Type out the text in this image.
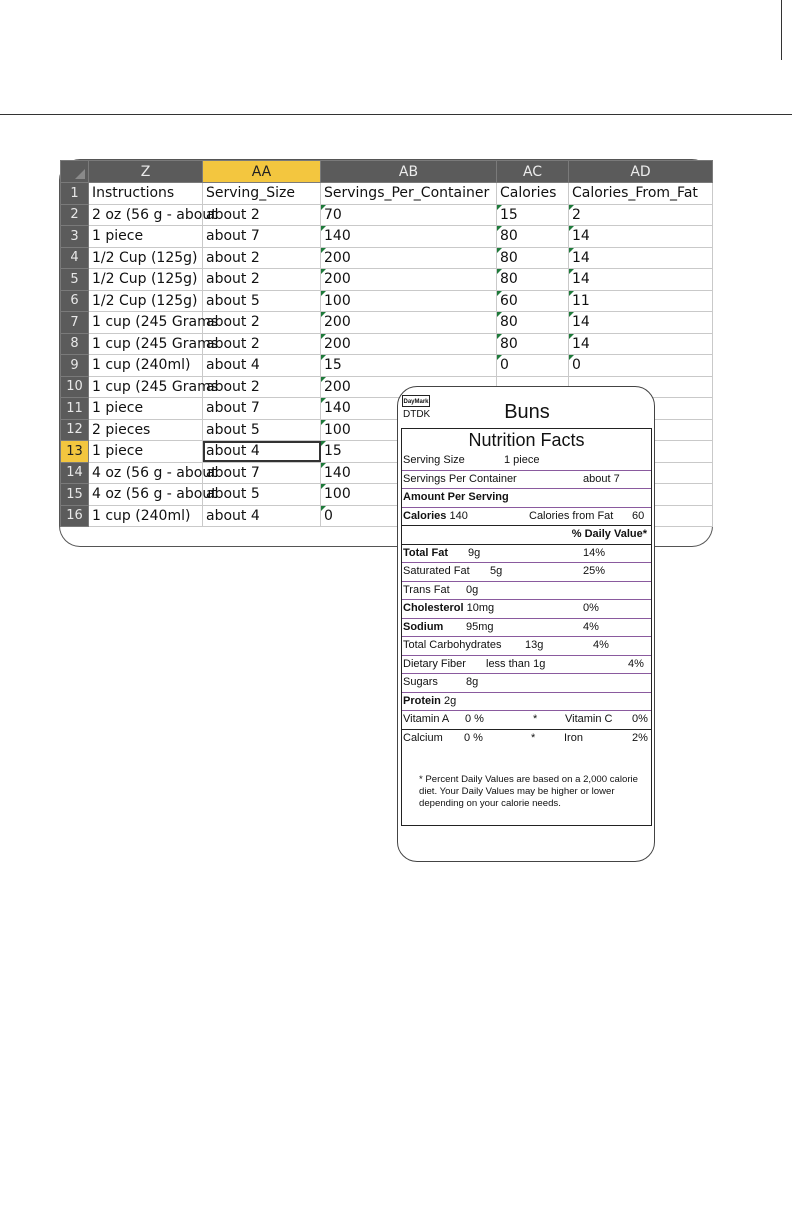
	Z	AA	AB	AC	AD
1	Instructions	Serving_Size	Servings_Per_Container	Calories	Calories_From_Fat
2	2 oz (56 g - about	about 2	70	15	2
3	1 piece	about 7	140	80	14
4	1/2 Cup (125g)	about 2	200	80	14
5	1/2 Cup (125g)	about 2	200	80	14
6	1/2 Cup (125g)	about 5	100	60	11
7	1 cup (245 Grams	about 2	200	80	14
8	1 cup (245 Grams	about 2	200	80	14
9	1 cup (240ml)	about 4	15	0	0
10	1 cup (245 Grams	about 2	200		
11	1 piece	about 7	140		
12	2 pieces	about 5	100		
13	1 piece	about 4	15		
14	4 oz (56 g - about	about 7	140		
15	4 oz (56 g - about	about 5	100		
16	1 cup (240ml)	about 4	0		
DayMark
DTDK	Buns
Nutrition Facts
Serving Size	1 piece
Servings Per Container	about 7
Amount Per Serving
Calories 140	Calories from Fat 60
% Daily Value*
Total Fat 9g	14%
Saturated Fat 5g	25%
Trans Fat 0g
Cholesterol 10mg	0%
Sodium 95mg	4%
Total Carbohydrates 13g	4%
Dietary Fiber less than 1g	4%
Sugars	8g
Protein 2g
Vitamin A 0 %	*	Vitamin C 0%
Calcium 0 %	*	Iron	2%
* Percent Daily Values are based on a 2,000 calorie diet. Your Daily Values may be higher or lower depending on your calorie needs.
